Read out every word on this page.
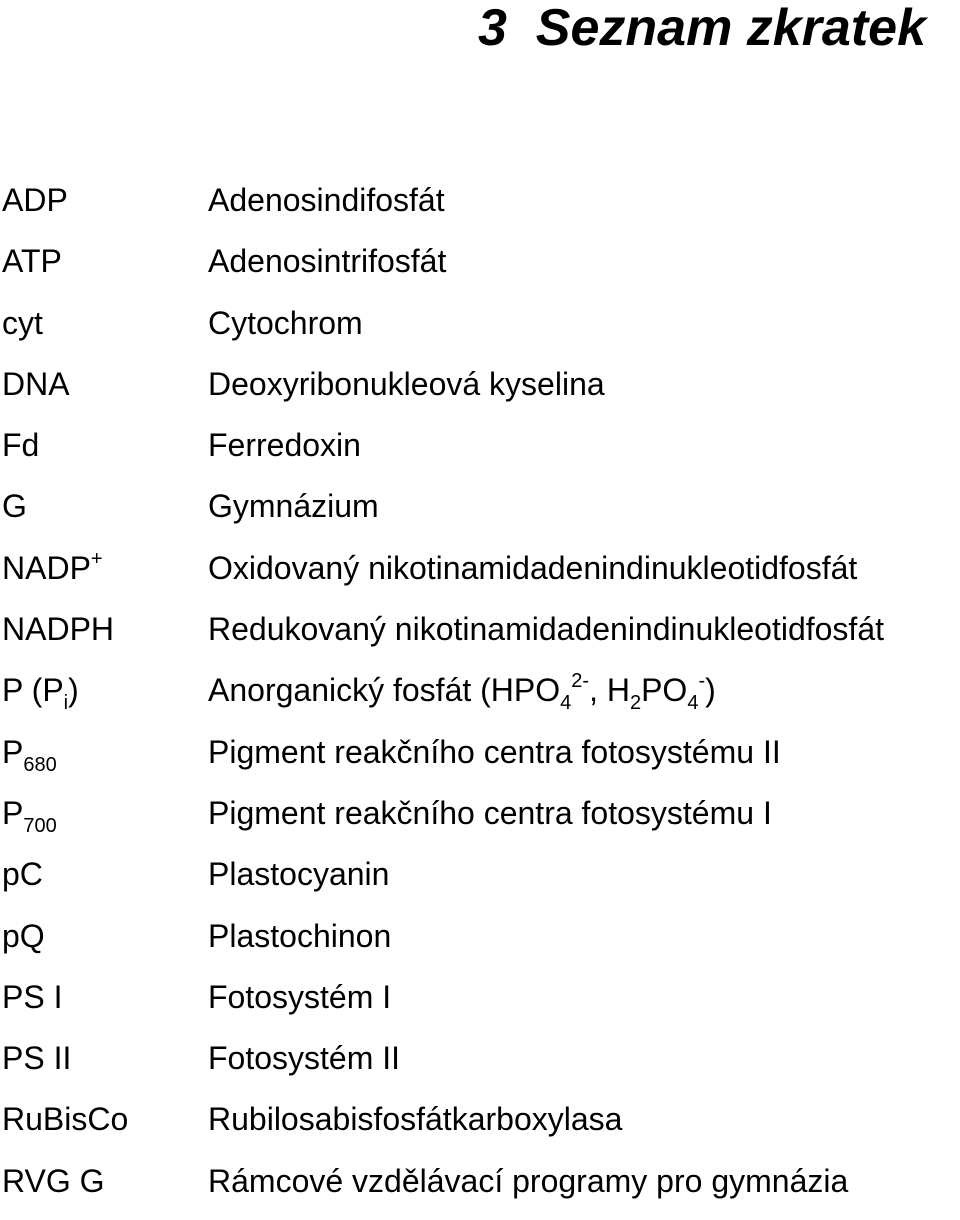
3 Seznam zkratek
ADP	Adenosindifosfát
ATP	Adenosintrifosfát
cyt	Cytochrom
DNA	Deoxyribonukleová kyselina
Fd	Ferredoxin
G	Gymnázium
NADP+	Oxidovaný nikotinamidadenindinukleotidfosfát
NADPH	Redukovaný nikotinamidadenindinukleotidfosfát
P $(P_i)$	Anorganický fosfát ($HPO_4^{2-}$, $H_2PO_4^-$)
$P_{680}$	Pigment reakčního centra fotosystému II
$P_{700}$	Pigment reakčního centra fotosystému I
pC	Plastocyanin
pQ	Plastochinon
PS I	Fotosystém I
PS II	Fotosystém II
RuBisCo Rubilosabisfosfátkarboxylasa
RVG G	Rámcové vzdělávací programy pro gymnázia
